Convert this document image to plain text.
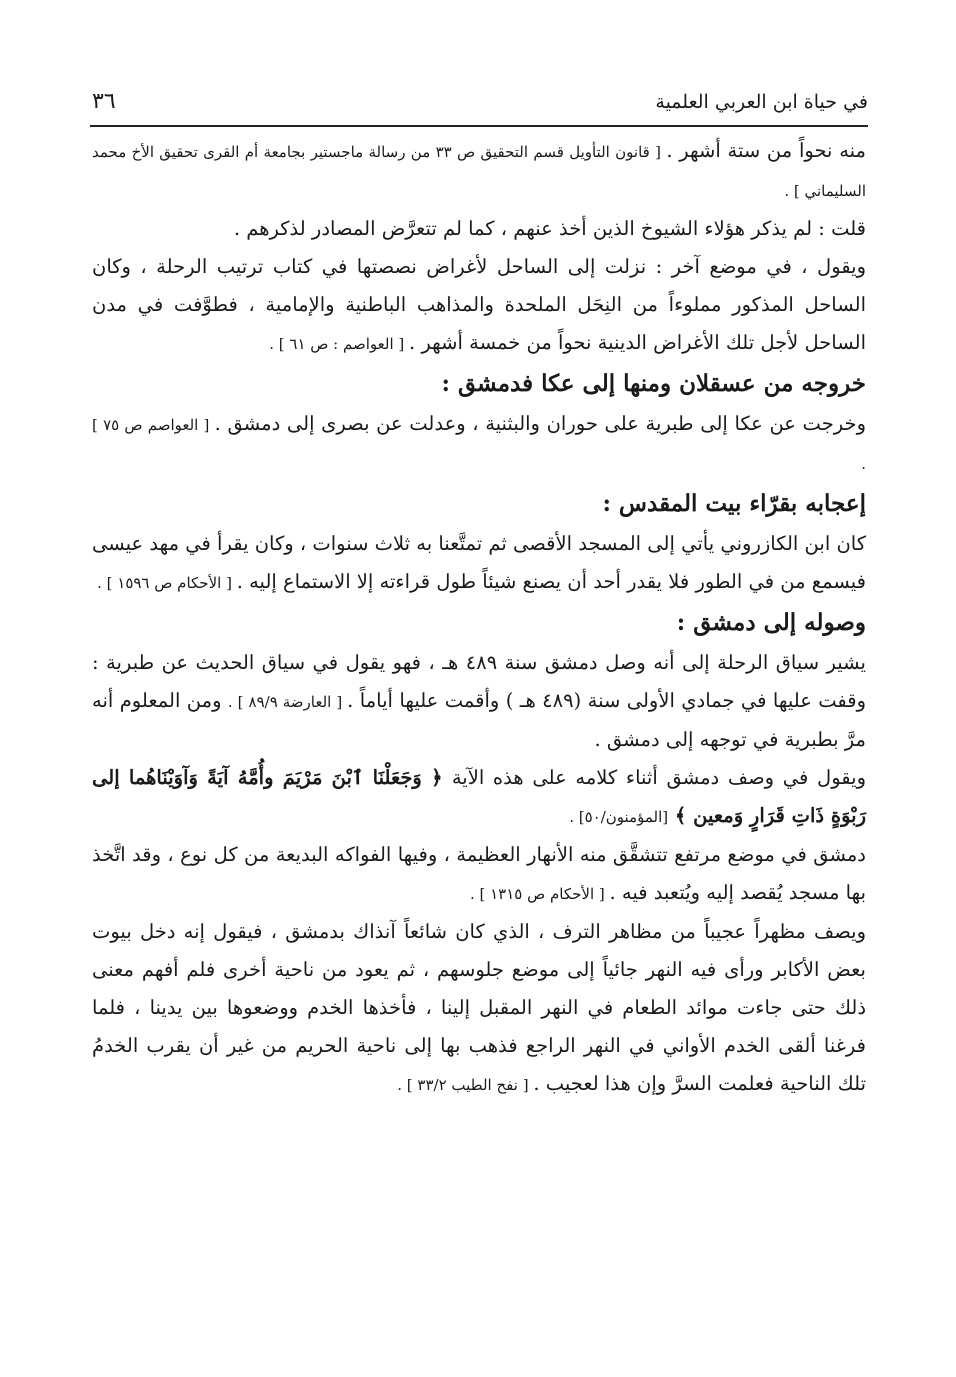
في حياة ابن العربي العلمية
٣٦

منه نحواً من ستة أشهر . [ قانون التأويل قسم التحقيق ص ٣٣ من رسالة ماجستير بجامعة أم القرى تحقيق الأخ محمد السليماني ] .

قلت : لم يذكر هؤلاء الشيوخ الذين أخذ عنهم ، كما لم تتعرَّض المصادر لذكرهم .

ويقول ، في موضع آخر : نزلت إلى الساحل لأغراض نصصتها في كتاب ترتيب الرحلة ، وكان الساحل المذكور مملوءاً من النِحَل الملحدة والمذاهب الباطنية والإمامية ، فطوَّفت في مدن الساحل لأجل تلك الأغراض الدينية نحواً من خمسة أشهر . [ العواصم : ص ٦١ ] .

خروجه من عسقلان ومنها إلى عكا فدمشق :

وخرجت عن عكا إلى طبرية على حوران والبثنية ، وعدلت عن بصرى إلى دمشق . [ العواصم ص ٧٥ ] .

إعجابه بقرّاء بيت المقدس :

كان ابن الكازروني يأتي إلى المسجد الأقصى ثم تمتَّعنا به ثلاث سنوات ، وكان يقرأ في مهد عيسى فيسمع من في الطور فلا يقدر أحد أن يصنع شيئاً طول قراءته إلا الاستماع إليه . [ الأحكام ص ١٥٩٦ ] .

وصوله إلى دمشق :

يشير سياق الرحلة إلى أنه وصل دمشق سنة ٤٨٩ هـ ، فهو يقول في سياق الحديث عن طبرية : وقفت عليها في جمادي الأولى سنة (٤٨٩ هـ ) وأقمت عليها أياماً . [ العارضة ٨٩/٩ ] . ومن المعلوم أنه مرَّ بطبرية في توجهه إلى دمشق .

ويقول في وصف دمشق أثناء كلامه على هذه الآية ﴿ وَجَعَلْنَا ٱبْنَ مَرْيَمَ وأُمَّهُ آيَةً وَآوَيْنَاهُما إلى رَبْوَةٍ ذَاتِ قَرَارٍ وَمعين ﴾ [المؤمنون/٥٠] .

دمشق في موضع مرتفع تتشقَّق منه الأنهار العظيمة ، وفيها الفواكه البديعة من كل نوع ، وقد اتَّخذ بها مسجد يُقصد إليه ويُتعبد فيه . [ الأحكام ص ١٣١٥ ] .

ويصف مظهراً عجيباً من مظاهر الترف ، الذي كان شائعاً آنذاك بدمشق ، فيقول إنه دخل بيوت بعض الأكابر ورأى فيه النهر جائياً إلى موضع جلوسهم ، ثم يعود من ناحية أخرى فلم أفهم معنى ذلك حتى جاءت موائد الطعام في النهر المقبل إلينا ، فأخذها الخدم ووضعوها بين يدينا ، فلما فرغنا ألقى الخدم الأواني في النهر الراجع فذهب بها إلى ناحية الحريم من غير أن يقرب الخدمُ تلك الناحية فعلمت السرَّ وإن هذا لعجيب . [ نفح الطيب ٣٣/٢ ] .
